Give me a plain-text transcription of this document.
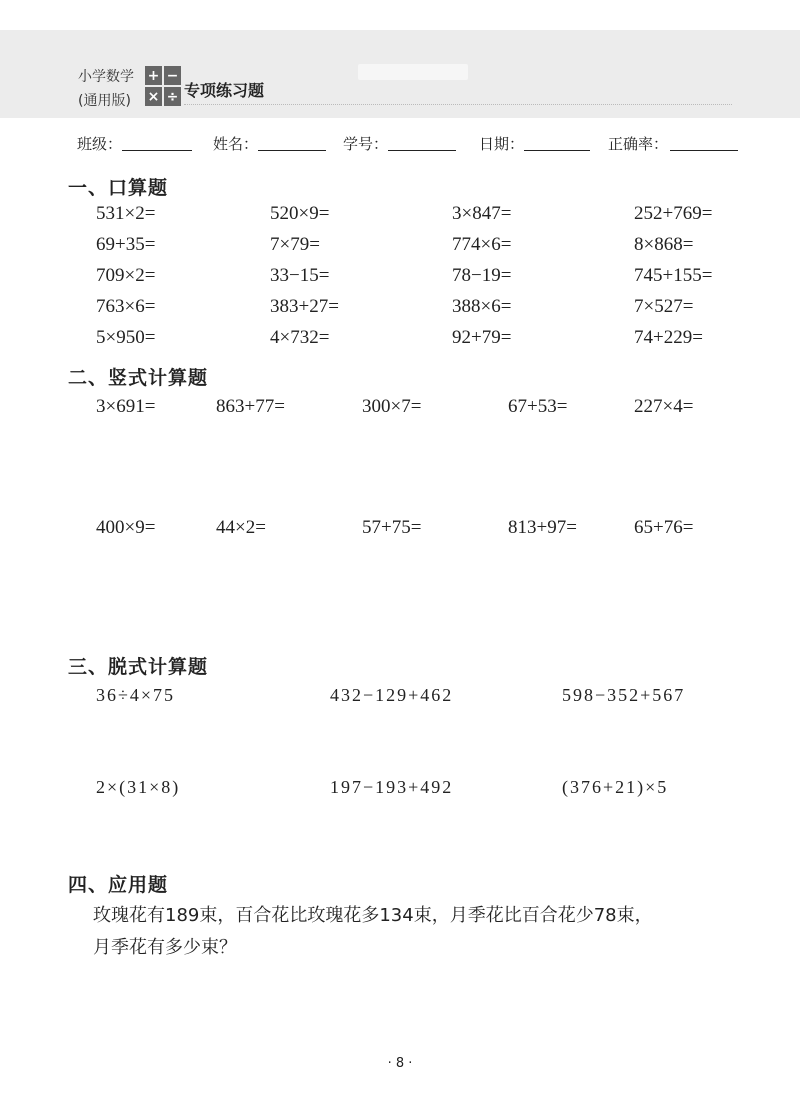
小学数学
(通用版)
+ −
× ÷ 专项练习题
班级：	姓名：	学号：	日期：	正确率：
一、口算题
531×2=	520×9=	3×847=	252+769=
69+35=	7×79=	774×6=	8×868=
709×2=	33−15=	78−19=	745+155=
763×6=	383+27=	388×6=	7×527=
5×950=	4×732=	92+79=	74+229=
二、竖式计算题
3×691=	863+77=	300×7=	67+53=	227×4=
400×9=	44×2=	57+75=	813+97=	65+76=
三、脱式计算题
36÷4×75	432−129+462	598−352+567
2×(31×8)	197−193+492	(376+21)×5
四、应用题
玫瑰花有189束，百合花比玫瑰花多134束，月季花比百合花少78束，
月季花有多少束？
· 8 ·
